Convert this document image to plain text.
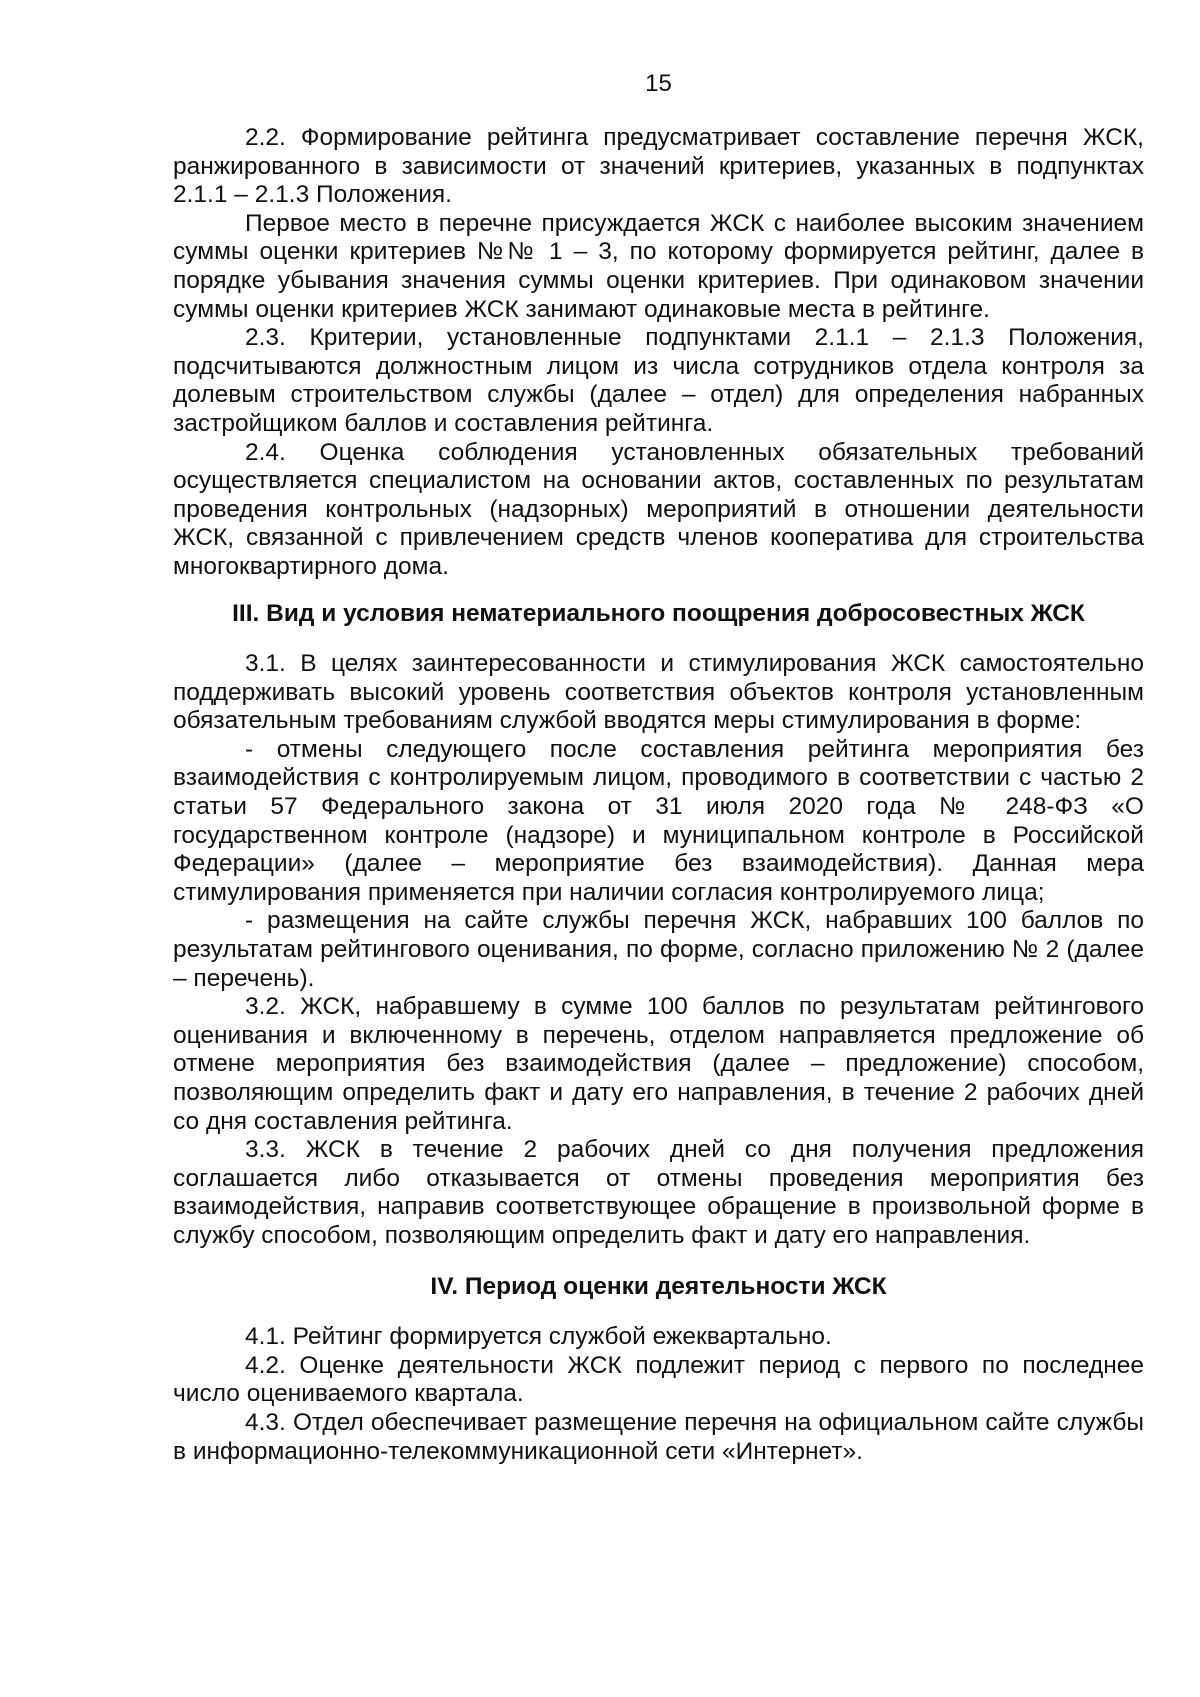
15

2.2. Формирование рейтинга предусматривает составление перечня ЖСК, ранжированного в зависимости от значений критериев, указанных в подпунктах 2.1.1 – 2.1.3 Положения.

Первое место в перечне присуждается ЖСК с наиболее высоким значением суммы оценки критериев №№ 1 – 3, по которому формируется рейтинг, далее в порядке убывания значения суммы оценки критериев. При одинаковом значении суммы оценки критериев ЖСК занимают одинаковые места в рейтинге.

2.3. Критерии, установленные подпунктами 2.1.1 – 2.1.3 Положения, подсчитываются должностным лицом из числа сотрудников отдела контроля за долевым строительством службы (далее – отдел) для определения набранных застройщиком баллов и составления рейтинга.

2.4. Оценка соблюдения установленных обязательных требований осуществляется специалистом на основании актов, составленных по результатам проведения контрольных (надзорных) мероприятий в отношении деятельности ЖСК, связанной с привлечением средств членов кооператива для строительства многоквартирного дома.

III. Вид и условия нематериального поощрения добросовестных ЖСК

3.1. В целях заинтересованности и стимулирования ЖСК самостоятельно поддерживать высокий уровень соответствия объектов контроля установленным обязательным требованиям службой вводятся меры стимулирования в форме:

- отмены следующего после составления рейтинга мероприятия без взаимодействия с контролируемым лицом, проводимого в соответствии с частью 2 статьи 57 Федерального закона от 31 июля 2020 года № 248-ФЗ «О государственном контроле (надзоре) и муниципальном контроле в Российской Федерации» (далее – мероприятие без взаимодействия). Данная мера стимулирования применяется при наличии согласия контролируемого лица;

- размещения на сайте службы перечня ЖСК, набравших 100 баллов по результатам рейтингового оценивания, по форме, согласно приложению № 2 (далее – перечень).

3.2. ЖСК, набравшему в сумме 100 баллов по результатам рейтингового оценивания и включенному в перечень, отделом направляется предложение об отмене мероприятия без взаимодействия (далее – предложение) способом, позволяющим определить факт и дату его направления, в течение 2 рабочих дней со дня составления рейтинга.

3.3. ЖСК в течение 2 рабочих дней со дня получения предложения соглашается либо отказывается от отмены проведения мероприятия без взаимодействия, направив соответствующее обращение в произвольной форме в службу способом, позволяющим определить факт и дату его направления.

IV. Период оценки деятельности ЖСК

4.1. Рейтинг формируется службой ежеквартально.

4.2. Оценке деятельности ЖСК подлежит период с первого по последнее число оцениваемого квартала.

4.3. Отдел обеспечивает размещение перечня на официальном сайте службы в информационно-телекоммуникационной сети «Интернет».
